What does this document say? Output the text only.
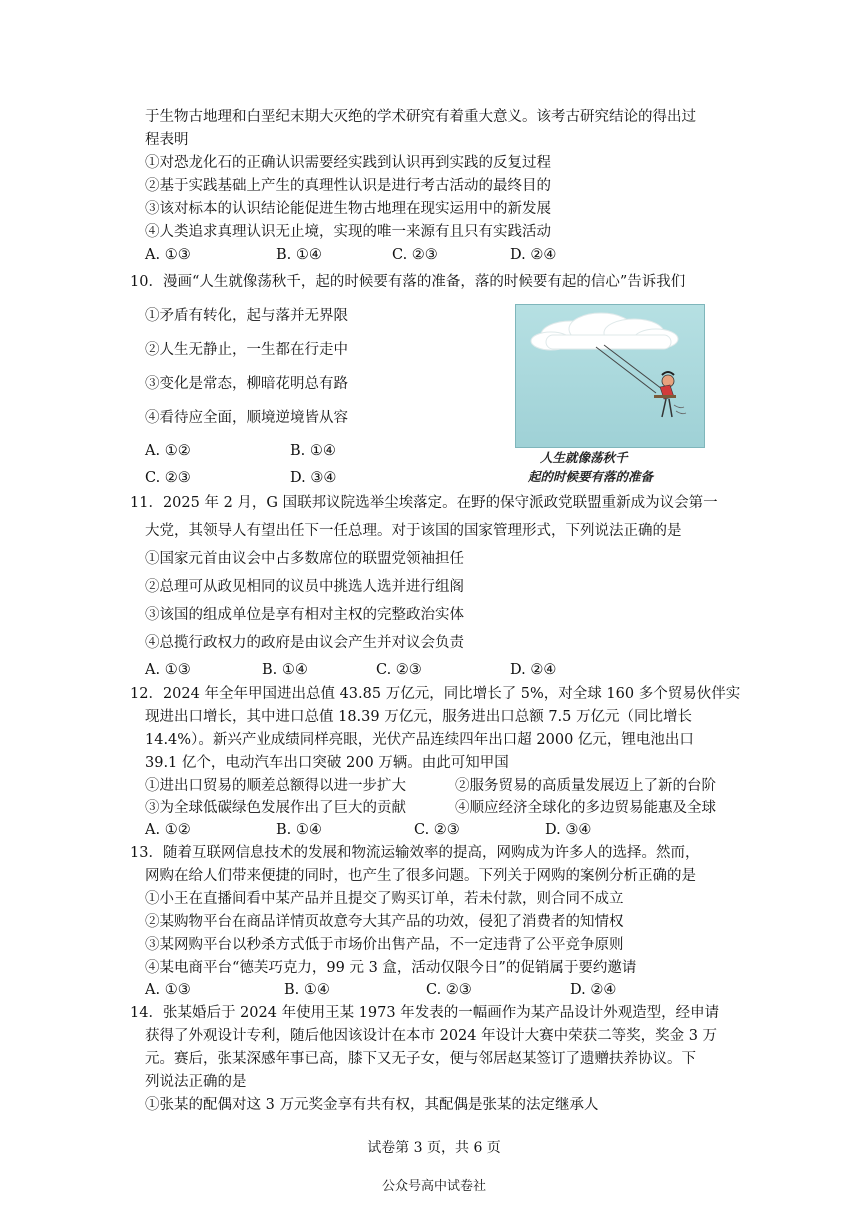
于生物古地理和白垩纪末期大灭绝的学术研究有着重大意义。该考古研究结论的得出过
程表明
①对恐龙化石的正确认识需要经实践到认识再到实践的反复过程
②基于实践基础上产生的真理性认识是进行考古活动的最终目的
③该对标本的认识结论能促进生物古地理在现实运用中的新发展
④人类追求真理认识无止境，实现的唯一来源有且只有实践活动
A. ①③	B. ①④	C. ②③	D. ②④
10．漫画“人生就像荡秋千，起的时候要有落的准备，落的时候要有起的信心”告诉我们
①矛盾有转化，起与落并无界限
②人生无静止，一生都在行走中
③变化是常态，柳暗花明总有路
④看待应全面，顺境逆境皆从容
A. ①②	B. ①④
C. ②③	D. ③④
人生就像荡秋千
起的时候要有落的准备
11．2025 年 2 月，G 国联邦议院选举尘埃落定。在野的保守派政党联盟重新成为议会第一
大党，其领导人有望出任下一任总理。对于该国的国家管理形式，下列说法正确的是
①国家元首由议会中占多数席位的联盟党领袖担任
②总理可从政见相同的议员中挑选人选并进行组阁
③该国的组成单位是享有相对主权的完整政治实体
④总揽行政权力的政府是由议会产生并对议会负责
A. ①③	B. ①④	C. ②③	D. ②④
12．2024 年全年甲国进出总值 43.85 万亿元，同比增长了 5%，对全球 160 多个贸易伙伴实
现进出口增长，其中进口总值 18.39 万亿元，服务进出口总额 7.5 万亿元（同比增长
14.4%）。新兴产业成绩同样亮眼，光伏产品连续四年出口超 2000 亿元，锂电池出口
39.1 亿个，电动汽车出口突破 200 万辆。由此可知甲国
①进出口贸易的顺差总额得以进一步扩大	②服务贸易的高质量发展迈上了新的台阶
③为全球低碳绿色发展作出了巨大的贡献	④顺应经济全球化的多边贸易能惠及全球
A. ①②	B. ①④	C. ②③	D. ③④
13．随着互联网信息技术的发展和物流运输效率的提高，网购成为许多人的选择。然而，
网购在给人们带来便捷的同时，也产生了很多问题。下列关于网购的案例分析正确的是
①小王在直播间看中某产品并且提交了购买订单，若未付款，则合同不成立
②某购物平台在商品详情页故意夸大其产品的功效，侵犯了消费者的知情权
③某网购平台以秒杀方式低于市场价出售产品，不一定违背了公平竞争原则
④某电商平台“德芙巧克力，99 元 3 盒，活动仅限今日”的促销属于要约邀请
A. ①③	B. ①④	C. ②③	D. ②④
14．张某婚后于 2024 年使用王某 1973 年发表的一幅画作为某产品设计外观造型，经申请
获得了外观设计专利，随后他因该设计在本市 2024 年设计大赛中荣获二等奖，奖金 3 万
元。赛后，张某深感年事已高，膝下又无子女，便与邻居赵某签订了遗赠扶养协议。下
列说法正确的是
①张某的配偶对这 3 万元奖金享有共有权，其配偶是张某的法定继承人
试卷第 3 页，共 6 页
公众号高中试卷社
